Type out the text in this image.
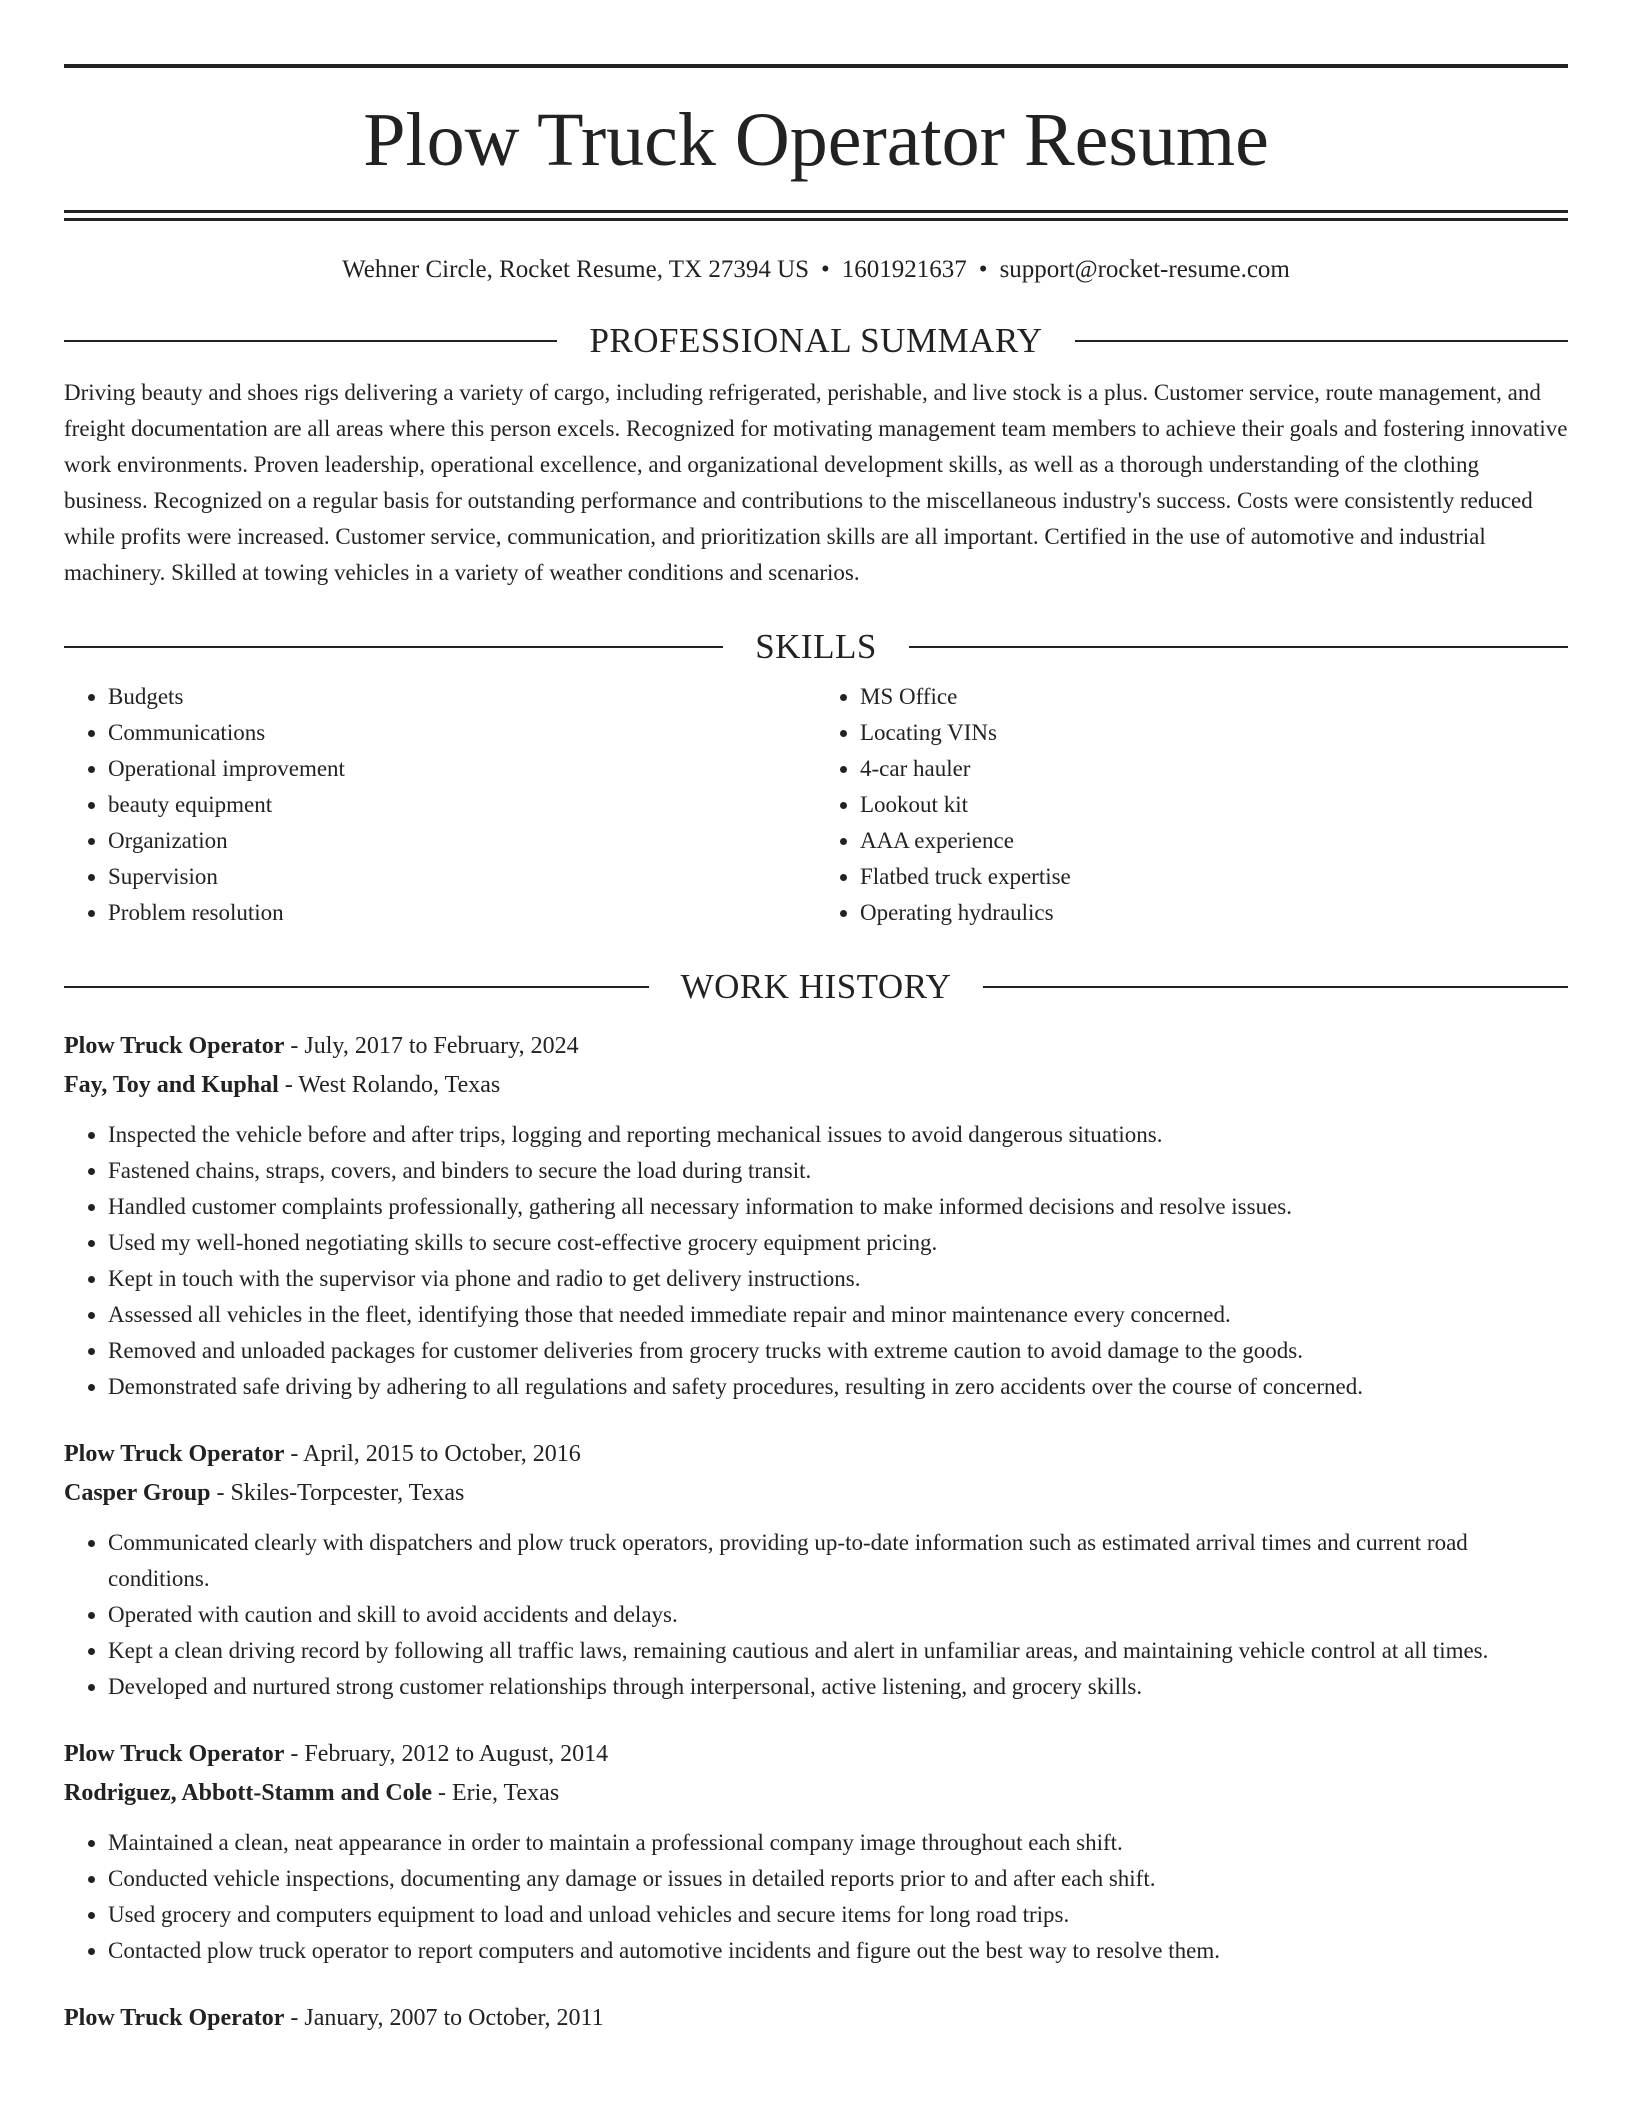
Plow Truck Operator Resume
Wehner Circle, Rocket Resume, TX 27394 US • 1601921637 • support@rocket-resume.com
PROFESSIONAL SUMMARY
Driving beauty and shoes rigs delivering a variety of cargo, including refrigerated, perishable, and live stock is a plus. Customer service, route management, and freight documentation are all areas where this person excels. Recognized for motivating management team members to achieve their goals and fostering innovative work environments. Proven leadership, operational excellence, and organizational development skills, as well as a thorough understanding of the clothing business. Recognized on a regular basis for outstanding performance and contributions to the miscellaneous industry's success. Costs were consistently reduced while profits were increased. Customer service, communication, and prioritization skills are all important. Certified in the use of automotive and industrial machinery. Skilled at towing vehicles in a variety of weather conditions and scenarios.
SKILLS
• Budgets
• Communications
• Operational improvement
• beauty equipment
• Organization
• Supervision
• Problem resolution
• MS Office
• Locating VINs
• 4-car hauler
• Lookout kit
• AAA experience
• Flatbed truck expertise
• Operating hydraulics
WORK HISTORY
Plow Truck Operator - July, 2017 to February, 2024
Fay, Toy and Kuphal - West Rolando, Texas
• Inspected the vehicle before and after trips, logging and reporting mechanical issues to avoid dangerous situations.
• Fastened chains, straps, covers, and binders to secure the load during transit.
• Handled customer complaints professionally, gathering all necessary information to make informed decisions and resolve issues.
• Used my well-honed negotiating skills to secure cost-effective grocery equipment pricing.
• Kept in touch with the supervisor via phone and radio to get delivery instructions.
• Assessed all vehicles in the fleet, identifying those that needed immediate repair and minor maintenance every concerned.
• Removed and unloaded packages for customer deliveries from grocery trucks with extreme caution to avoid damage to the goods.
• Demonstrated safe driving by adhering to all regulations and safety procedures, resulting in zero accidents over the course of concerned.
Plow Truck Operator - April, 2015 to October, 2016
Casper Group - Skiles-Torpcester, Texas
• Communicated clearly with dispatchers and plow truck operators, providing up-to-date information such as estimated arrival times and current road conditions.
• Operated with caution and skill to avoid accidents and delays.
• Kept a clean driving record by following all traffic laws, remaining cautious and alert in unfamiliar areas, and maintaining vehicle control at all times.
• Developed and nurtured strong customer relationships through interpersonal, active listening, and grocery skills.
Plow Truck Operator - February, 2012 to August, 2014
Rodriguez, Abbott-Stamm and Cole - Erie, Texas
• Maintained a clean, neat appearance in order to maintain a professional company image throughout each shift.
• Conducted vehicle inspections, documenting any damage or issues in detailed reports prior to and after each shift.
• Used grocery and computers equipment to load and unload vehicles and secure items for long road trips.
• Contacted plow truck operator to report computers and automotive incidents and figure out the best way to resolve them.
Plow Truck Operator - January, 2007 to October, 2011
